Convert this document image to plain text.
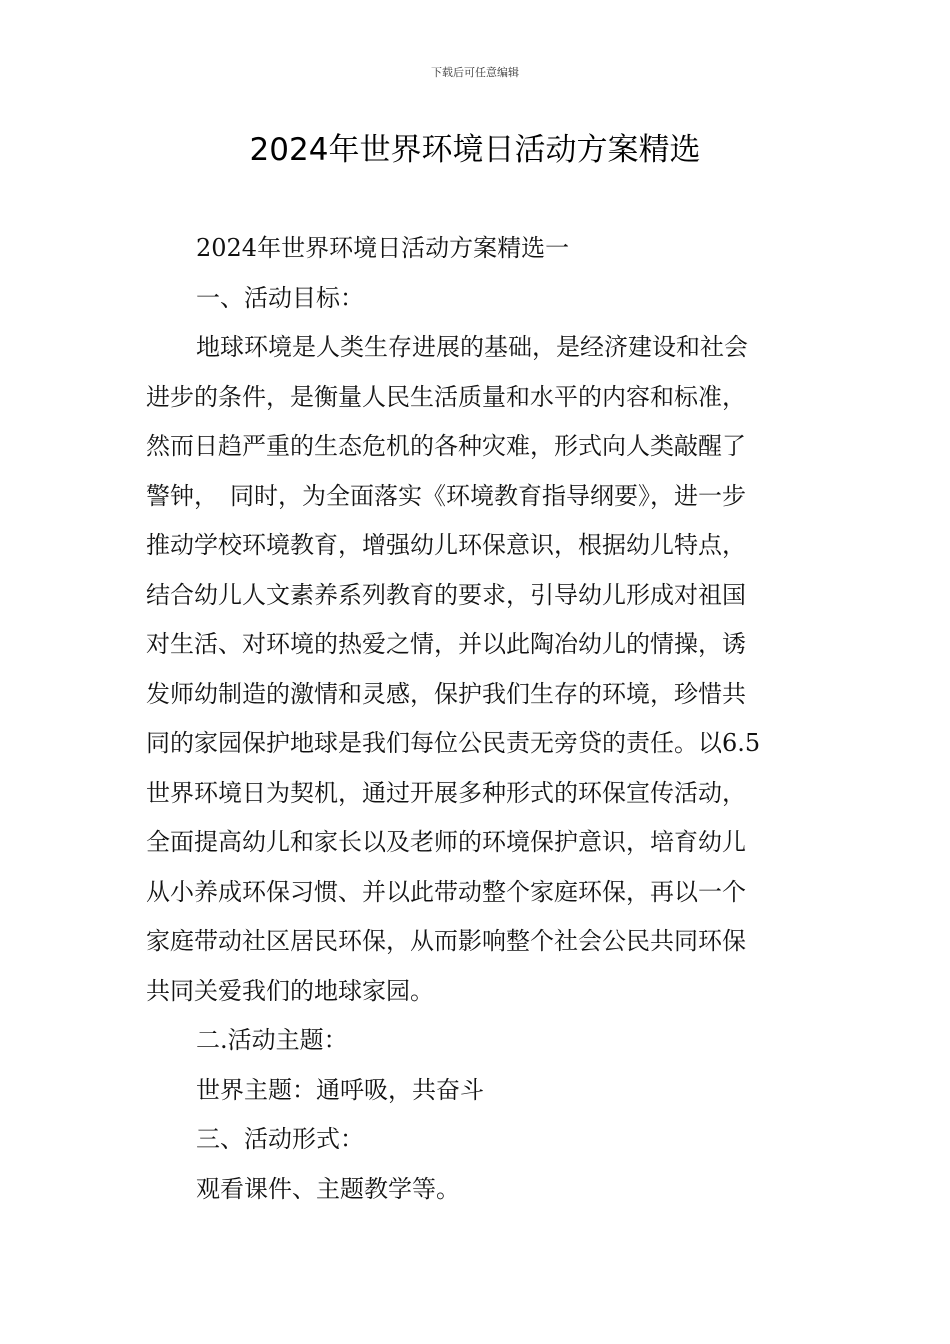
下载后可任意编辑
2024年世界环境日活动方案精选
2024年世界环境日活动方案精选一
一、活动目标：
地球环境是人类生存进展的基础，是经济建设和社会
进步的条件，是衡量人民生活质量和水平的内容和标准，
然而日趋严重的生态危机的各种灾难，形式向人类敲醒了
警钟，　同时，为全面落实《环境教育指导纲要》，进一步
推动学校环境教育，增强幼儿环保意识，根据幼儿特点，
结合幼儿人文素养系列教育的要求，引导幼儿形成对祖国
对生活、对环境的热爱之情，并以此陶冶幼儿的情操，诱
发师幼制造的激情和灵感，保护我们生存的环境，珍惜共
同的家园保护地球是我们每位公民责无旁贷的责任。以6.5
世界环境日为契机，通过开展多种形式的环保宣传活动，
全面提高幼儿和家长以及老师的环境保护意识，培育幼儿
从小养成环保习惯、并以此带动整个家庭环保，再以一个
家庭带动社区居民环保，从而影响整个社会公民共同环保
共同关爱我们的地球家园。
二.活动主题：
世界主题：通呼吸，共奋斗
三、活动形式：
观看课件、主题教学等。
